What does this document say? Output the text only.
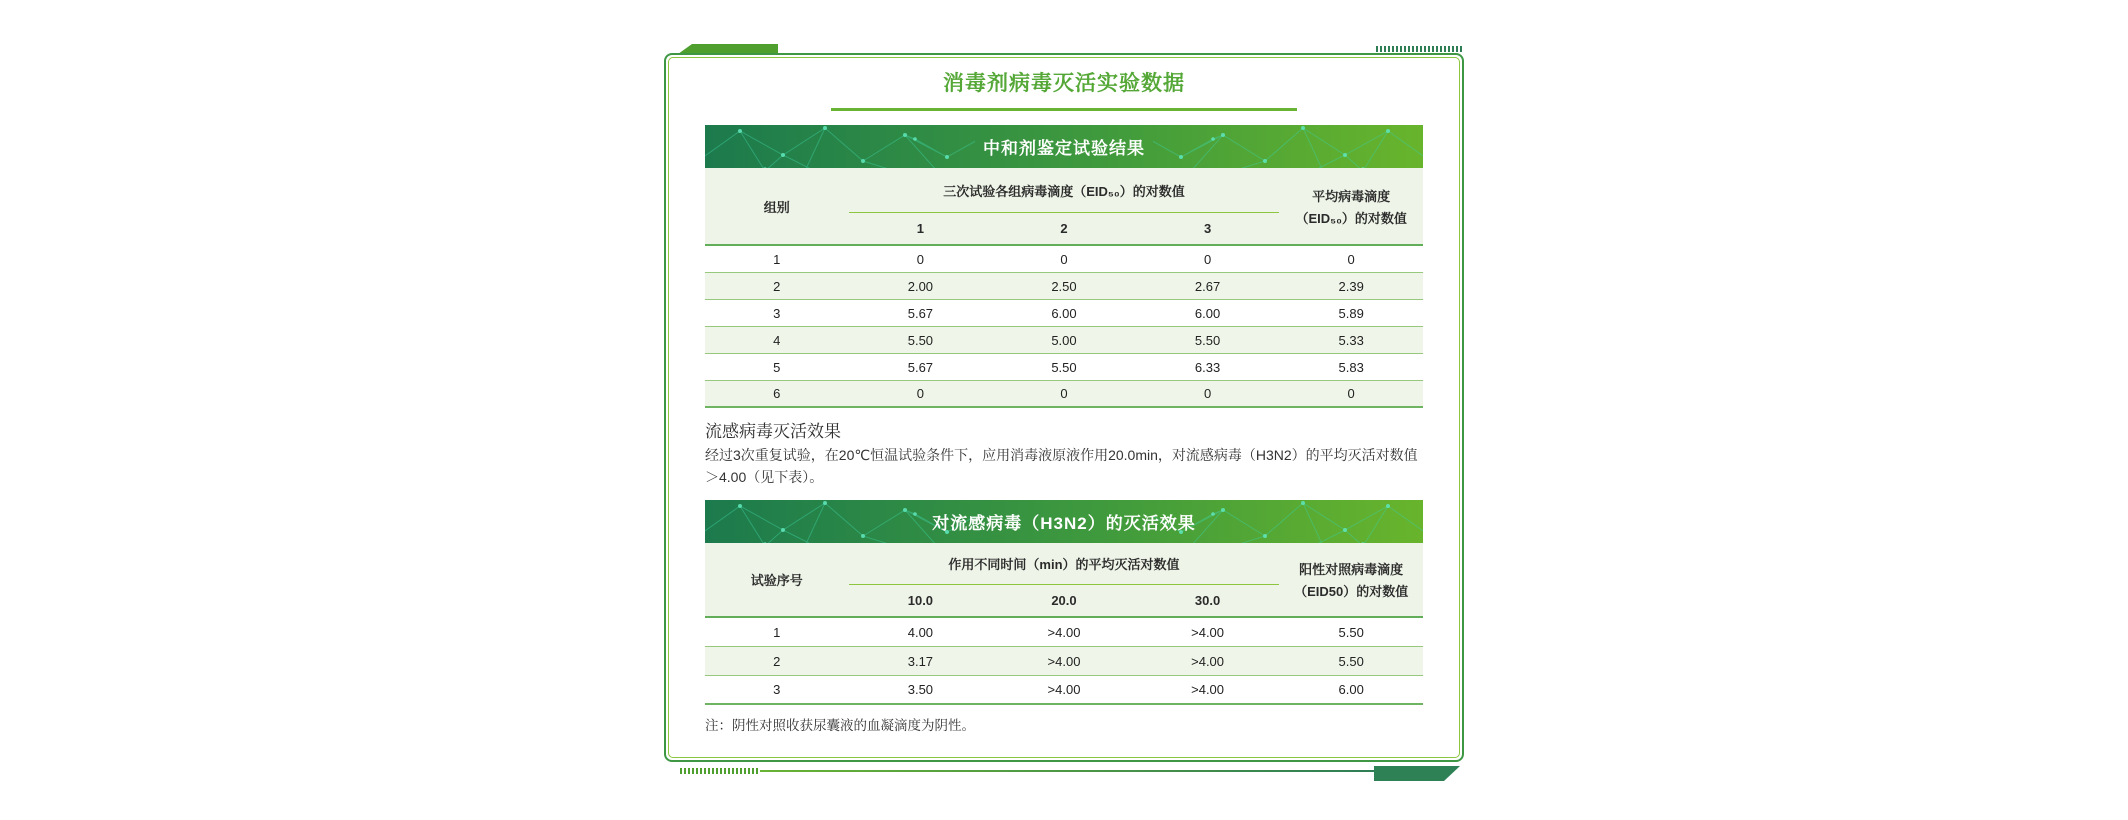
消毒剂病毒灭活实验数据
中和剂鉴定试验结果
组别
三次试验各组病毒滴度（EID₅₀）的对数值
1	2	3
平均病毒滴度
（EID₅₀）的对数值
1	0	0	0	0
2	2.00	2.50	2.67	2.39
3	5.67	6.00	6.00	5.89
4	5.50	5.00	5.50	5.33
5	5.67	5.50	6.33	5.83
6	0	0	0	0
流感病毒灭活效果
经过3次重复试验，在20℃恒温试验条件下，应用消毒液原液作用20.0min，对流感病毒（H3N2）的平均灭活对数值＞4.00（见下表）。
对流感病毒（H3N2）的灭活效果
试验序号
作用不同时间（min）的平均灭活对数值
10.0	20.0	30.0
阳性对照病毒滴度
（EID50）的对数值
1	4.00	>4.00	>4.00	5.50
2	3.17	>4.00	>4.00	5.50
3	3.50	>4.00	>4.00	6.00
注：阴性对照收获尿囊液的血凝滴度为阴性。
